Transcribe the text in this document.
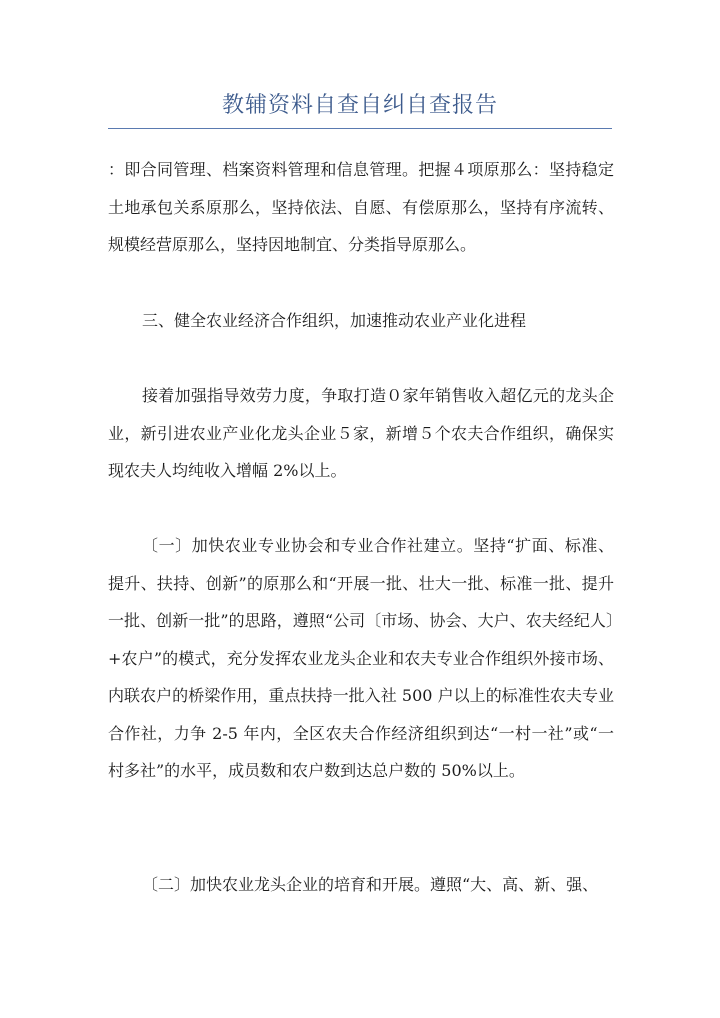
教辅资料自查自纠自查报告

：即合同管理、档案资料管理和信息管理。把握４项原那么：坚持稳定土地承包关系原那么，坚持依法、自愿、有偿原那么，坚持有序流转、规模经营原那么，坚持因地制宜、分类指导原那么。

三、健全农业经济合作组织，加速推动农业产业化进程

接着加强指导效劳力度，争取打造０家年销售收入超亿元的龙头企业，新引进农业产业化龙头企业５家，新增５个农夫合作组织，确保实现农夫人均纯收入增幅 2%以上。

〔一〕加快农业专业协会和专业合作社建立。坚持“扩面、标准、提升、扶持、创新”的原那么和“开展一批、壮大一批、标准一批、提升一批、创新一批”的思路，遵照“公司〔市场、协会、大户、农夫经纪人〕+农户”的模式，充分发挥农业龙头企业和农夫专业合作组织外接市场、内联农户的桥梁作用，重点扶持一批入社 500 户以上的标准性农夫专业合作社，力争 2-5 年内，全区农夫合作经济组织到达“一村一社”或“一村多社”的水平，成员数和农户数到达总户数的 50%以上。

〔二〕加快农业龙头企业的培育和开展。遵照“大、高、新、强、
